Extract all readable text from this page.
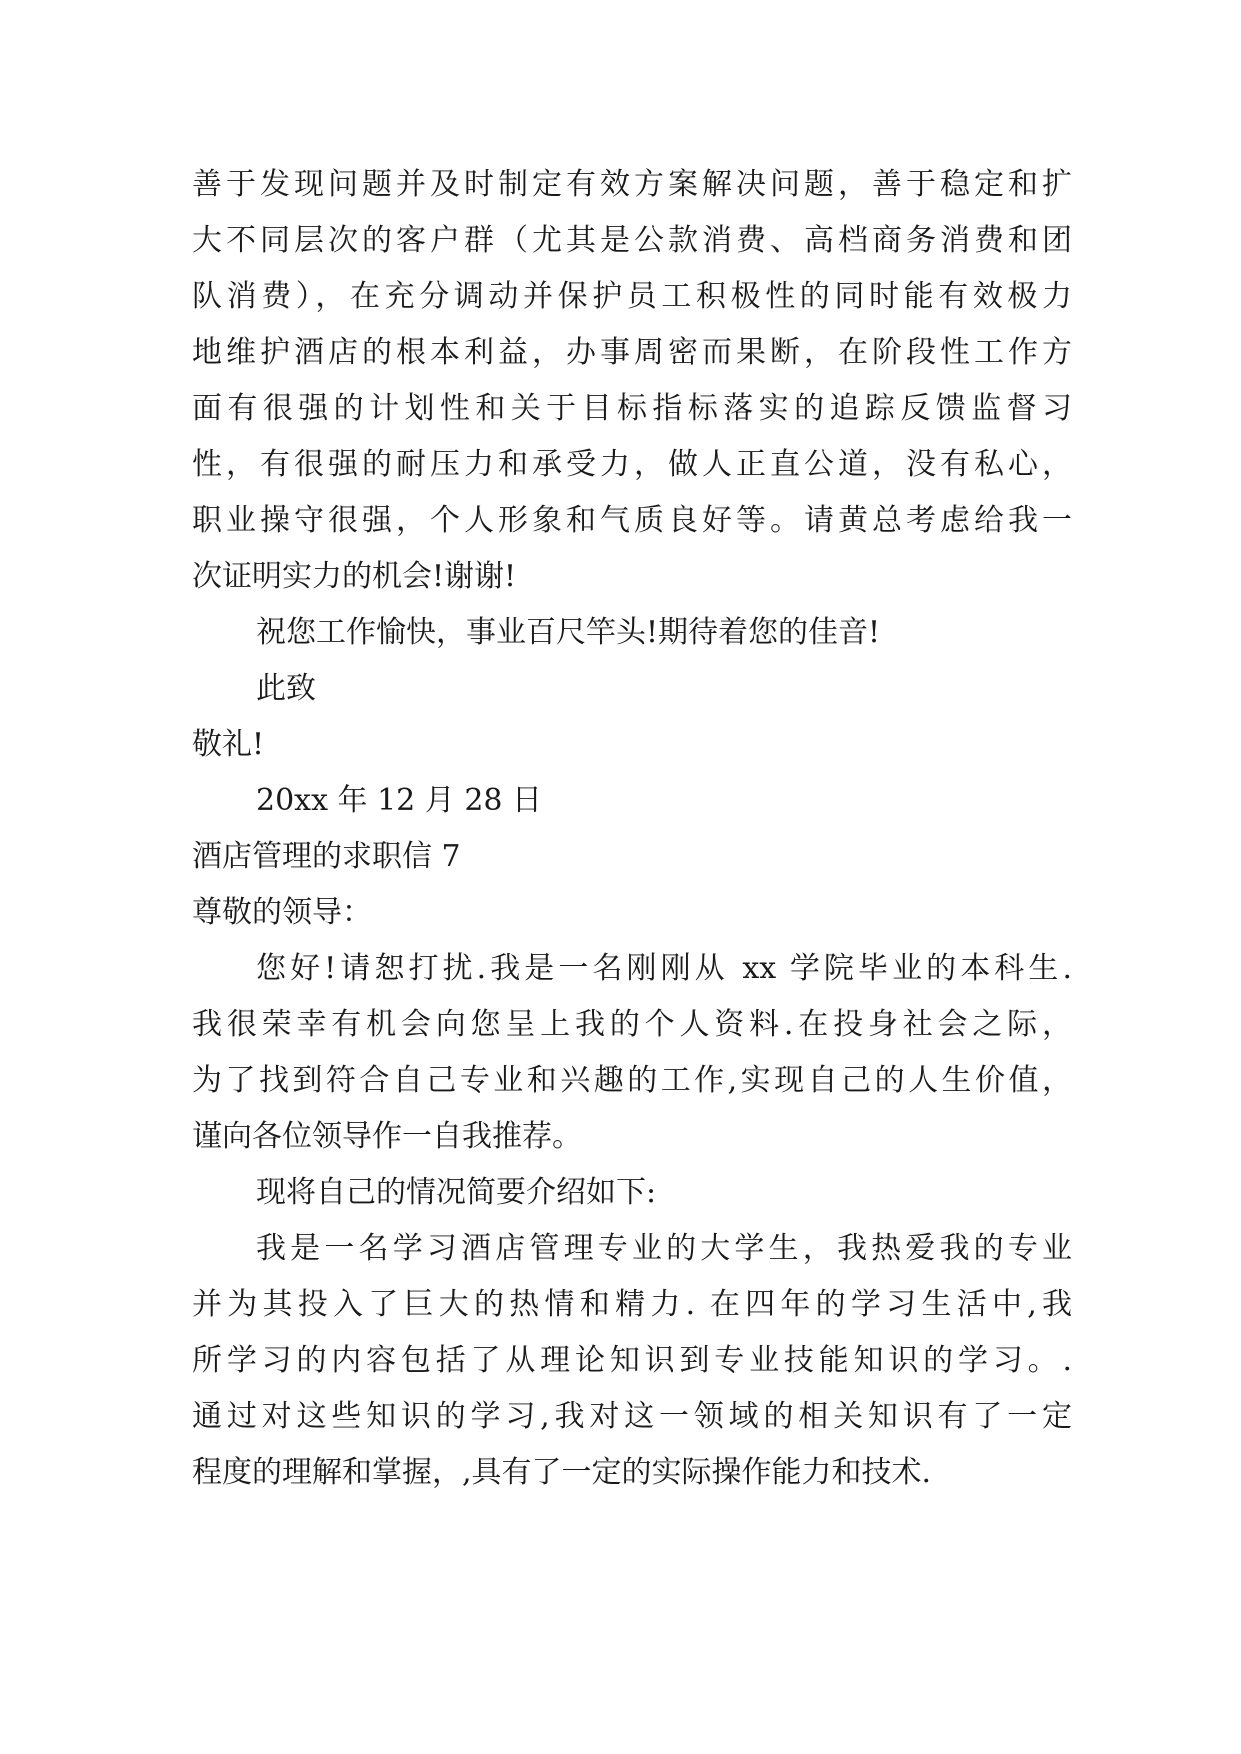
善于发现问题并及时制定有效方案解决问题，善于稳定和扩
大不同层次的客户群（尤其是公款消费、高档商务消费和团
队消费），在充分调动并保护员工积极性的同时能有效极力
地维护酒店的根本利益，办事周密而果断，在阶段性工作方
面有很强的计划性和关于目标指标落实的追踪反馈监督习
性，有很强的耐压力和承受力，做人正直公道，没有私心，
职业操守很强，个人形象和气质良好等。请黄总考虑给我一
次证明实力的机会!谢谢!
祝您工作愉快，事业百尺竿头!期待着您的佳音!
此致
敬礼!
20xx 年 12 月 28 日
酒店管理的求职信 7
尊敬的领导：
您好!请恕打扰.我是一名刚刚从 xx 学院毕业的本科生.
我很荣幸有机会向您呈上我的个人资料.在投身社会之际，
为了找到符合自己专业和兴趣的工作,实现自己的人生价值，
谨向各位领导作一自我推荐。
现将自己的情况简要介绍如下:
我是一名学习酒店管理专业的大学生，我热爱我的专业
并为其投入了巨大的热情和精力. 在四年的学习生活中,我
所学习的内容包括了从理论知识到专业技能知识的学习。.
通过对这些知识的学习,我对这一领域的相关知识有了一定
程度的理解和掌握，,具有了一定的实际操作能力和技术.
